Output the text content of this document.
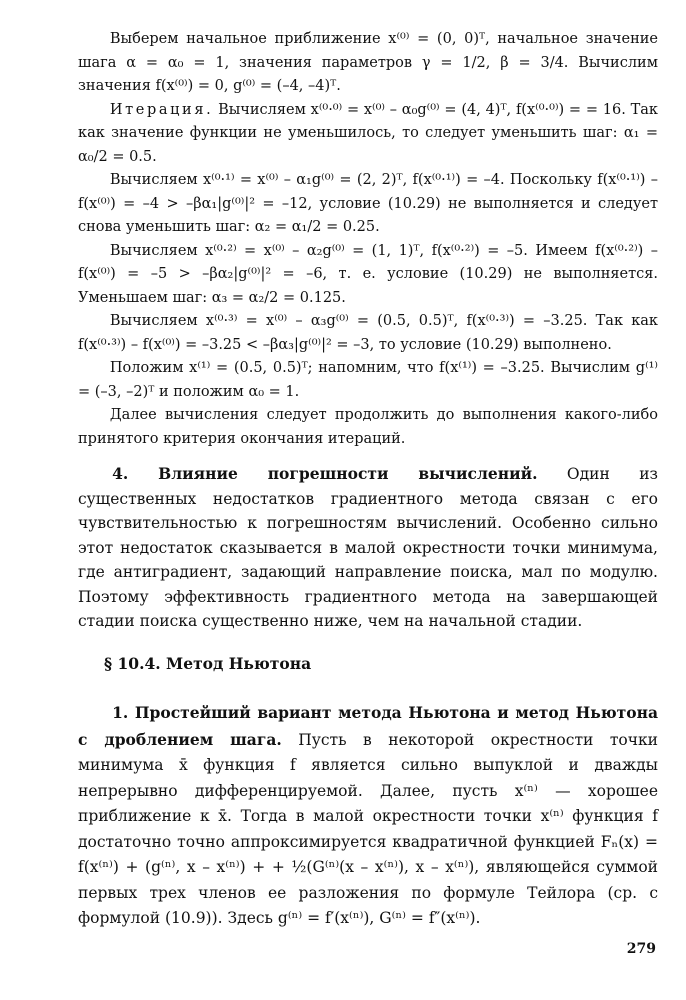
Выберем начальное приближение x⁽⁰⁾ = (0, 0)ᵀ, начальное значение шага α = α₀ = 1, значения параметров γ = 1/2, β = 3/4. Вычислим значения f(x⁽⁰⁾) = 0, g⁽⁰⁾ = (–4, –4)ᵀ.

Итерация. Вычисляем x⁽⁰·⁰⁾ = x⁽⁰⁾ – α₀g⁽⁰⁾ = (4, 4)ᵀ, f(x⁽⁰·⁰⁾) = = 16. Так как значение функции не уменьшилось, то следует уменьшить шаг: α₁ = α₀/2 = 0.5.

Вычисляем x⁽⁰·¹⁾ = x⁽⁰⁾ – α₁g⁽⁰⁾ = (2, 2)ᵀ, f(x⁽⁰·¹⁾) = –4. Поскольку f(x⁽⁰·¹⁾) – f(x⁽⁰⁾) = –4 > –βα₁|g⁽⁰⁾|² = –12, условие (10.29) не выполняется и следует снова уменьшить шаг: α₂ = α₁/2 = 0.25.

Вычисляем x⁽⁰·²⁾ = x⁽⁰⁾ – α₂g⁽⁰⁾ = (1, 1)ᵀ, f(x⁽⁰·²⁾) = –5. Имеем f(x⁽⁰·²⁾) – f(x⁽⁰⁾) = –5 > –βα₂|g⁽⁰⁾|² = –6, т. е. условие (10.29) не выполняется. Уменьшаем шаг: α₃ = α₂/2 = 0.125.

Вычисляем x⁽⁰·³⁾ = x⁽⁰⁾ – α₃g⁽⁰⁾ = (0.5, 0.5)ᵀ, f(x⁽⁰·³⁾) = –3.25. Так как f(x⁽⁰·³⁾) – f(x⁽⁰⁾) = –3.25 < –βα₃|g⁽⁰⁾|² = –3, то условие (10.29) выполнено.

Положим x⁽¹⁾ = (0.5, 0.5)ᵀ; напомним, что f(x⁽¹⁾) = –3.25. Вычислим g⁽¹⁾ = (–3, –2)ᵀ и положим α₀ = 1.

Далее вычисления следует продолжить до выполнения какого-либо принятого критерия окончания итераций.

4. Влияние погрешности вычислений. Один из существенных недостатков градиентного метода связан с его чувствительностью к погрешностям вычислений. Особенно сильно этот недостаток сказывается в малой окрестности точки минимума, где антиградиент, задающий направление поиска, мал по модулю. Поэтому эффективность градиентного метода на завершающей стадии поиска существенно ниже, чем на начальной стадии.

§ 10.4. Метод Ньютона

1. Простейший вариант метода Ньютона и метод Ньютона с дроблением шага. Пусть в некоторой окрестности точки минимума x̄ функция f является сильно выпуклой и дважды непрерывно дифференцируемой. Далее, пусть x⁽ⁿ⁾ — хорошее приближение к x̄. Тогда в малой окрестности точки x⁽ⁿ⁾ функция f достаточно точно аппроксимируется квадратичной функцией Fₙ(x) = f(x⁽ⁿ⁾) + (g⁽ⁿ⁾, x – x⁽ⁿ⁾) + + ½(G⁽ⁿ⁾(x – x⁽ⁿ⁾), x – x⁽ⁿ⁾), являющейся суммой первых трех членов ее разложения по формуле Тейлора (ср. с формулой (10.9)). Здесь g⁽ⁿ⁾ = f′(x⁽ⁿ⁾), G⁽ⁿ⁾ = f″(x⁽ⁿ⁾).

279
